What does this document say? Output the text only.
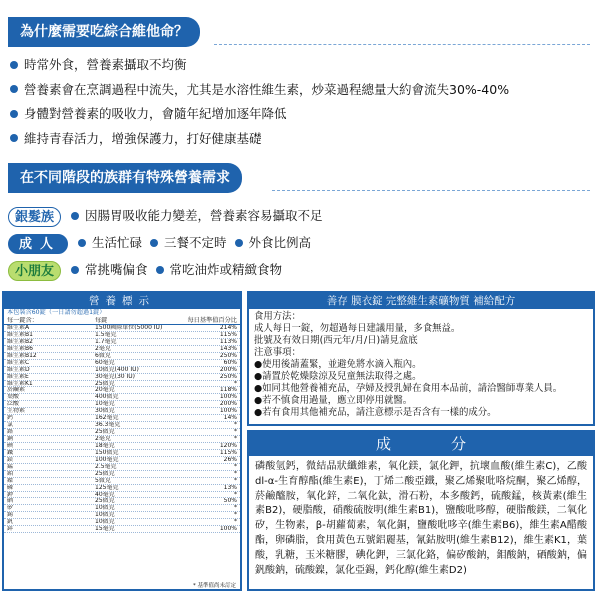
為什麼需要吃綜合維他命？
時常外食，營養素攝取不均衡
營養素會在烹調過程中流失，尤其是水溶性維生素，炒菜過程總量大約會流失30%-40%
身體對營養素的吸收力，會隨年紀增加逐年降低
維持青春活力，增強保護力，打好健康基礎
在不同階段的族群有特殊營養需求
銀髮族 因腸胃吸收能力變差，營養素容易攝取不足
成人 生活忙碌 三餐不定時 外食比例高
小朋友 常挑嘴偏食 常吃油炸或精緻食物
營養標示
本包裝含60錠（一日請勿超過1錠）
每一錠含：	每錠	每日基準值百分比
維生素A	1500國際單位(5000 IU)	214%
維生素B1	1.5毫克	115%
維生素B2	1.7毫克	113%
維生素B6	2毫克	143%
維生素B12	6微克	250%
維生素C	60毫克	60%
維生素D	10微克(400 IU)	200%
維生素E	30毫克(30 IU)	250%
維生素K1	25微克	*
菸鹼素	20毫克	118%
葉酸	400微克	100%
泛酸	10毫克	200%
生物素	30微克	100%
鈣	162毫克	14%
氯	36.3毫克	*
鉻	25微克	*
銅	2毫克	*
碘	18毫克	120%
鐵	150微克	115%
鎂	100毫克	26%
錳	2.5毫克	*
鉬	25微克	*
鎳	5微克	*
磷	125毫克	13%
鉀	40毫克	*
硒	25微克	50%
矽	10微克	*
錫	10微克	*
釩	10微克	*
鋅	15毫克	100%
* 基準值尚未訂定
善存 膜衣錠 完整維生素礦物質 補給配方
食用方法：
成人每日一錠，勿超過每日建議用量，多食無益。
批號及有效日期(西元年/月/日)請見盒底
注意事項：
●使用後請蓋緊，並避免將水滴入瓶內。
●請置於乾燥陰涼及兒童無法取得之處。
●如同其他營養補充品，孕婦及授乳婦在食用本品前，請洽醫師專業人員。
●若不慎食用過量，應立即停用就醫。
●若有食用其他補充品，請注意標示是否含有一樣的成分。
成分
磷酸氫鈣，微結晶狀纖維素，氧化鎂，氯化鉀，抗壞血酸(維生素C)，乙酸dl-α-生育醇酯(維生素E)，丁烯二酸亞鐵，聚乙烯聚吡咯烷酮，聚乙烯醇，菸鹼醯胺，氧化鋅，二氧化鈦，滑石粉，本多酸鈣，硫酸錳，核黃素(維生素B2)，硬脂酸，硝酸硫胺明(維生素B1)，鹽酸吡哆醇，硬脂酸鎂，二氧化矽，生物素，β-胡蘿蔔素，氧化銅，鹽酸吡哆辛(維生素B6)，維生素A醋酸酯，卵磷脂，食用黃色五號鋁麗基，氰鈷胺明(維生素B12)，維生素K1，葉酸，乳糖，玉米糖膠，碘化鉀，三氯化鉻，偏矽酸鈉，鉬酸鈉，硒酸鈉，偏釩酸鈉，硫酸鎳，氯化亞錫，鈣化醇(維生素D2)
